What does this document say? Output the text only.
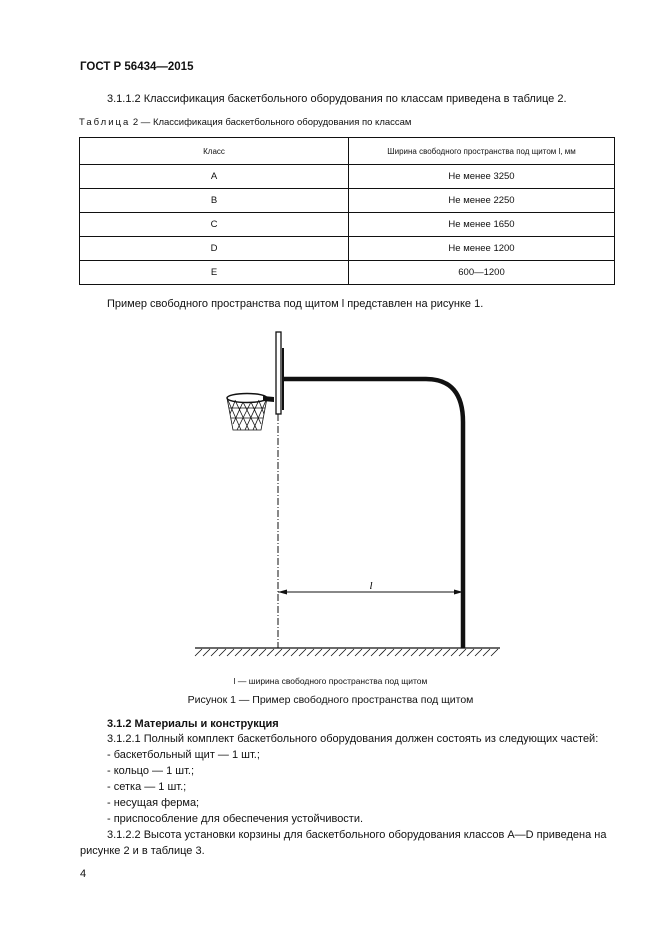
ГОСТ Р 56434—2015
3.1.1.2 Классификация баскетбольного оборудования по классам приведена в таблице 2.
Таблица 2 — Классификация баскетбольного оборудования по классам
Класс	Ширина свободного пространства под щитом l, мм
A	Не менее 3250
B	Не менее 2250
C	Не менее 1650
D	Не менее 1200
E	600—1200
Пример свободного пространства под щитом l представлен на рисунке 1.
l
l — ширина свободного пространства под щитом
Рисунок 1 — Пример свободного пространства под щитом
3.1.2 Материалы и конструкция
3.1.2.1 Полный комплект баскетбольного оборудования должен состоять из следующих частей:
- баскетбольный щит — 1 шт.;
- кольцо — 1 шт.;
- сетка — 1 шт.;
- несущая ферма;
- приспособление для обеспечения устойчивости.
3.1.2.2 Высота установки корзины для баскетбольного оборудования классов A—D приведена на
рисунке 2 и в таблице 3.
4
